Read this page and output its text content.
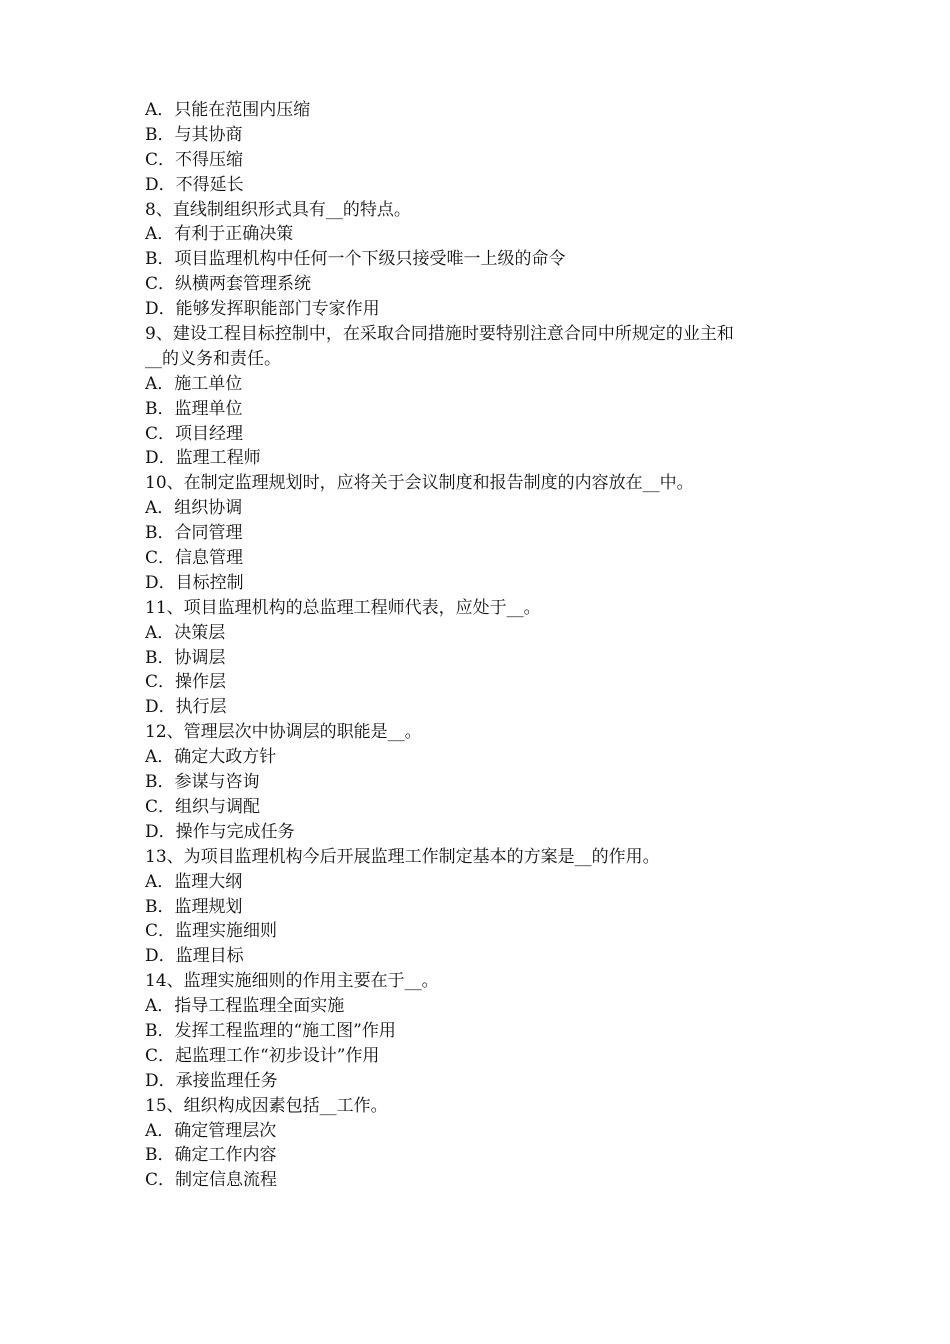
A．只能在范围内压缩
B．与其协商
C．不得压缩
D．不得延长
8、直线制组织形式具有__的特点。
A．有利于正确决策
B．项目监理机构中任何一个下级只接受唯一上级的命令
C．纵横两套管理系统
D．能够发挥职能部门专家作用
9、建设工程目标控制中，在采取合同措施时要特别注意合同中所规定的业主和
__的义务和责任。
A．施工单位
B．监理单位
C．项目经理
D．监理工程师
10、在制定监理规划时，应将关于会议制度和报告制度的内容放在__中。
A．组织协调
B．合同管理
C．信息管理
D．目标控制
11、项目监理机构的总监理工程师代表，应处于__。
A．决策层
B．协调层
C．操作层
D．执行层
12、管理层次中协调层的职能是__。
A．确定大政方针
B．参谋与咨询
C．组织与调配
D．操作与完成任务
13、为项目监理机构今后开展监理工作制定基本的方案是__的作用。
A．监理大纲
B．监理规划
C．监理实施细则
D．监理目标
14、监理实施细则的作用主要在于__。
A．指导工程监理全面实施
B．发挥工程监理的“施工图”作用
C．起监理工作“初步设计”作用
D．承接监理任务
15、组织构成因素包括__工作。
A．确定管理层次
B．确定工作内容
C．制定信息流程
